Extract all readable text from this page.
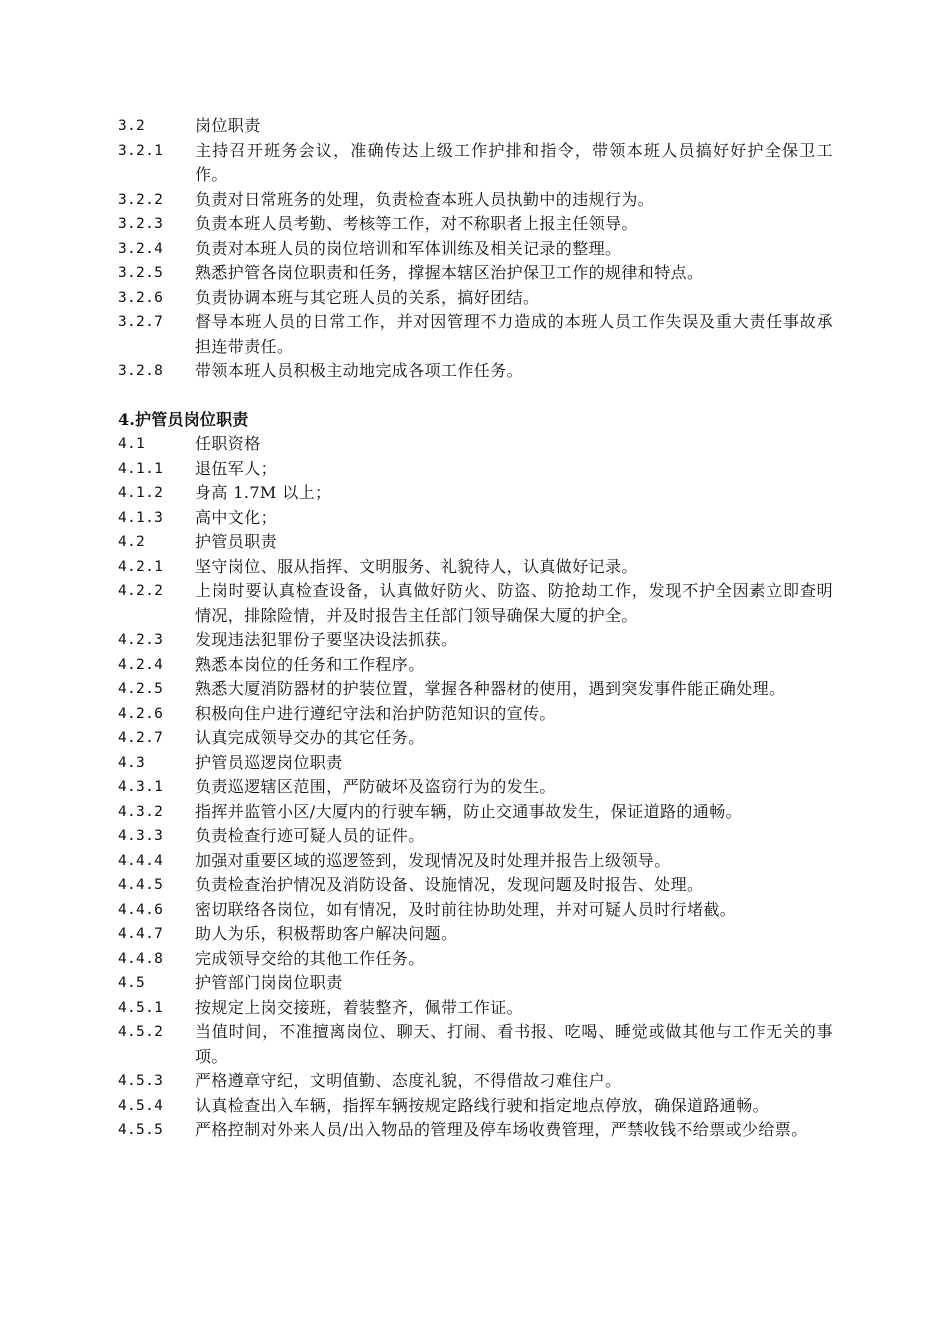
3.2	岗位职责
3.2.1	主持召开班务会议，准确传达上级工作护排和指令，带领本班人员搞好好护全保卫工作。
3.2.2	负责对日常班务的处理，负责检查本班人员执勤中的违规行为。
3.2.3	负责本班人员考勤、考核等工作，对不称职者上报主任领导。
3.2.4	负责对本班人员的岗位培训和军体训练及相关记录的整理。
3.2.5	熟悉护管各岗位职责和任务，撑握本辖区治护保卫工作的规律和特点。
3.2.6	负责协调本班与其它班人员的关系，搞好团结。
3.2.7	督导本班人员的日常工作，并对因管理不力造成的本班人员工作失误及重大责任事故承担连带责任。
3.2.8	带领本班人员积极主动地完成各项工作任务。
4.护管员岗位职责
4.1	任职资格
4.1.1	退伍军人；
4.1.2	身高 1.7M 以上；
4.1.3	高中文化；
4.2	护管员职责
4.2.1	坚守岗位、服从指挥、文明服务、礼貌待人，认真做好记录。
4.2.2	上岗时要认真检查设备，认真做好防火、防盗、防抢劫工作，发现不护全因素立即查明情况，排除险情，并及时报告主任部门领导确保大厦的护全。
4.2.3	发现违法犯罪份子要坚决设法抓获。
4.2.4	熟悉本岗位的任务和工作程序。
4.2.5	熟悉大厦消防器材的护装位置，掌握各种器材的使用，遇到突发事件能正确处理。
4.2.6	积极向住户进行遵纪守法和治护防范知识的宣传。
4.2.7	认真完成领导交办的其它任务。
4.3	护管员巡逻岗位职责
4.3.1	负责巡逻辖区范围，严防破坏及盗窃行为的发生。
4.3.2	指挥并监管小区/大厦内的行驶车辆，防止交通事故发生，保证道路的通畅。
4.3.3	负责检查行迹可疑人员的证件。
4.4.4	加强对重要区域的巡逻签到，发现情况及时处理并报告上级领导。
4.4.5	负责检查治护情况及消防设备、设施情况，发现问题及时报告、处理。
4.4.6	密切联络各岗位，如有情况，及时前往协助处理，并对可疑人员时行堵截。
4.4.7	助人为乐，积极帮助客户解决问题。
4.4.8	完成领导交给的其他工作任务。
4.5	护管部门岗岗位职责
4.5.1	按规定上岗交接班，着装整齐，佩带工作证。
4.5.2	当值时间，不准擅离岗位、聊天、打闹、看书报、吃喝、睡觉或做其他与工作无关的事项。
4.5.3	严格遵章守纪，文明值勤、态度礼貌，不得借故刁难住户。
4.5.4	认真检查出入车辆，指挥车辆按规定路线行驶和指定地点停放，确保道路通畅。
4.5.5	严格控制对外来人员/出入物品的管理及停车场收费管理，严禁收钱不给票或少给票。
